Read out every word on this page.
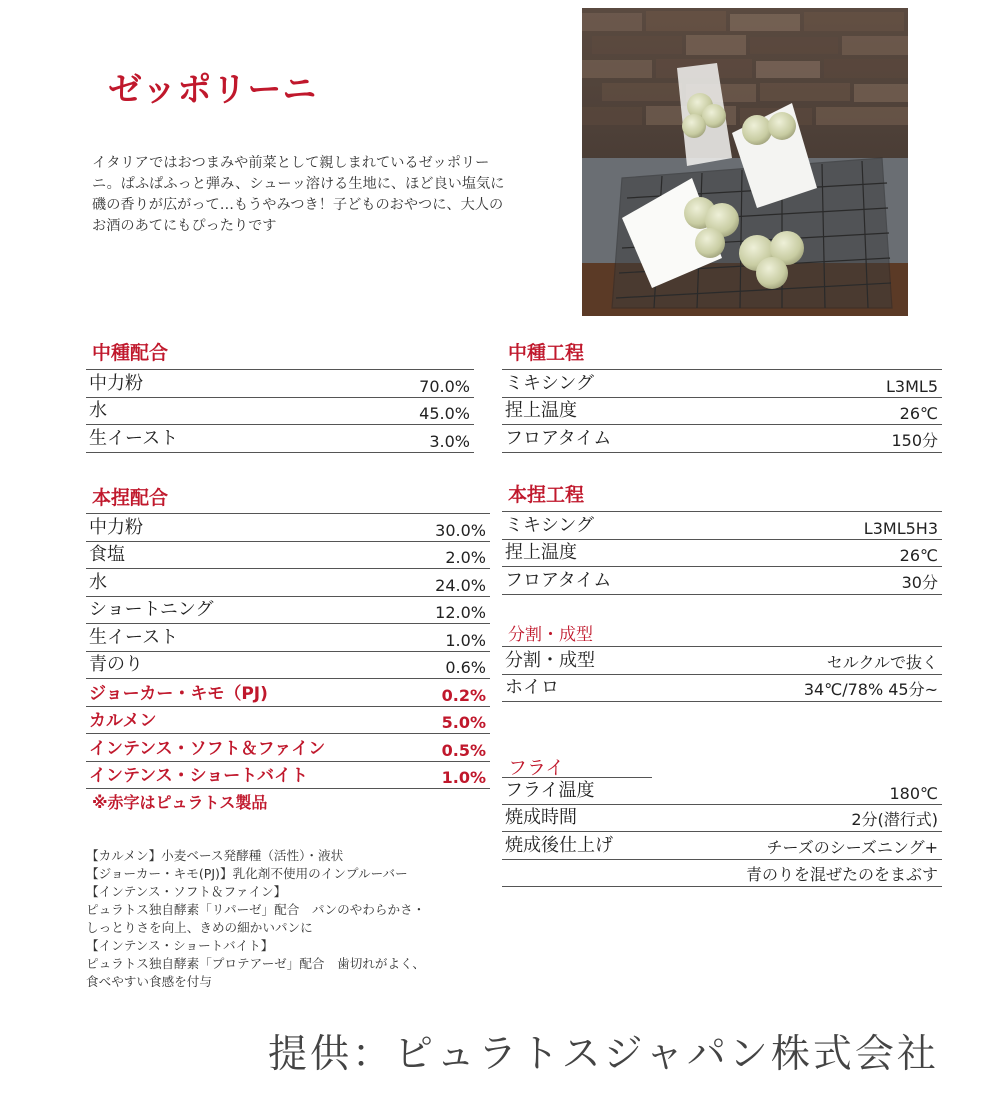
ゼッポリーニ
イタリアではおつまみや前菜として親しまれているゼッポリーニ。ぱふぱふっと弾み、シューッ溶ける生地に、ほど良い塩気に磯の香りが広がって…もうやみつき！子どものおやつに、大人のお酒のあてにもぴったりです
中種配合
中力粉	70.0%
水	45.0%
生イースト	3.0%
本捏配合
中力粉	30.0%
食塩	2.0%
水	24.0%
ショートニング	12.0%
生イースト	1.0%
青のり	0.6%
ジョーカー・キモ（PJ)	0.2%
カルメン	5.0%
インテンス・ソフト＆ファイン	0.5%
インテンス・ショートバイト	1.0%
※赤字はピュラトス製品
【カルメン】小麦ベース発酵種（活性）・液状
【ジョーカー・キモ(PJ)】乳化剤不使用のインプルーバー
【インテンス・ソフト＆ファイン】
ピュラトス独自酵素「リパーゼ」配合　パンのやわらかさ・
しっとりさを向上、きめの細かいパンに
【インテンス・ショートバイト】
ピュラトス独自酵素「プロテアーゼ」配合　歯切れがよく、
食べやすい食感を付与
中種工程
ミキシング	L3ML5
捏上温度	26℃
フロアタイム	150分
本捏工程
ミキシング	L3ML5H3
捏上温度	26℃
フロアタイム	30分
分割・成型
分割・成型	セルクルで抜く
ホイロ	34℃/78% 45分~
フライ
フライ温度	180℃
焼成時間	2分(潜行式)
焼成後仕上げ	チーズのシーズニング+
青のりを混ぜたのをまぶす
提供：ピュラトスジャパン株式会社
